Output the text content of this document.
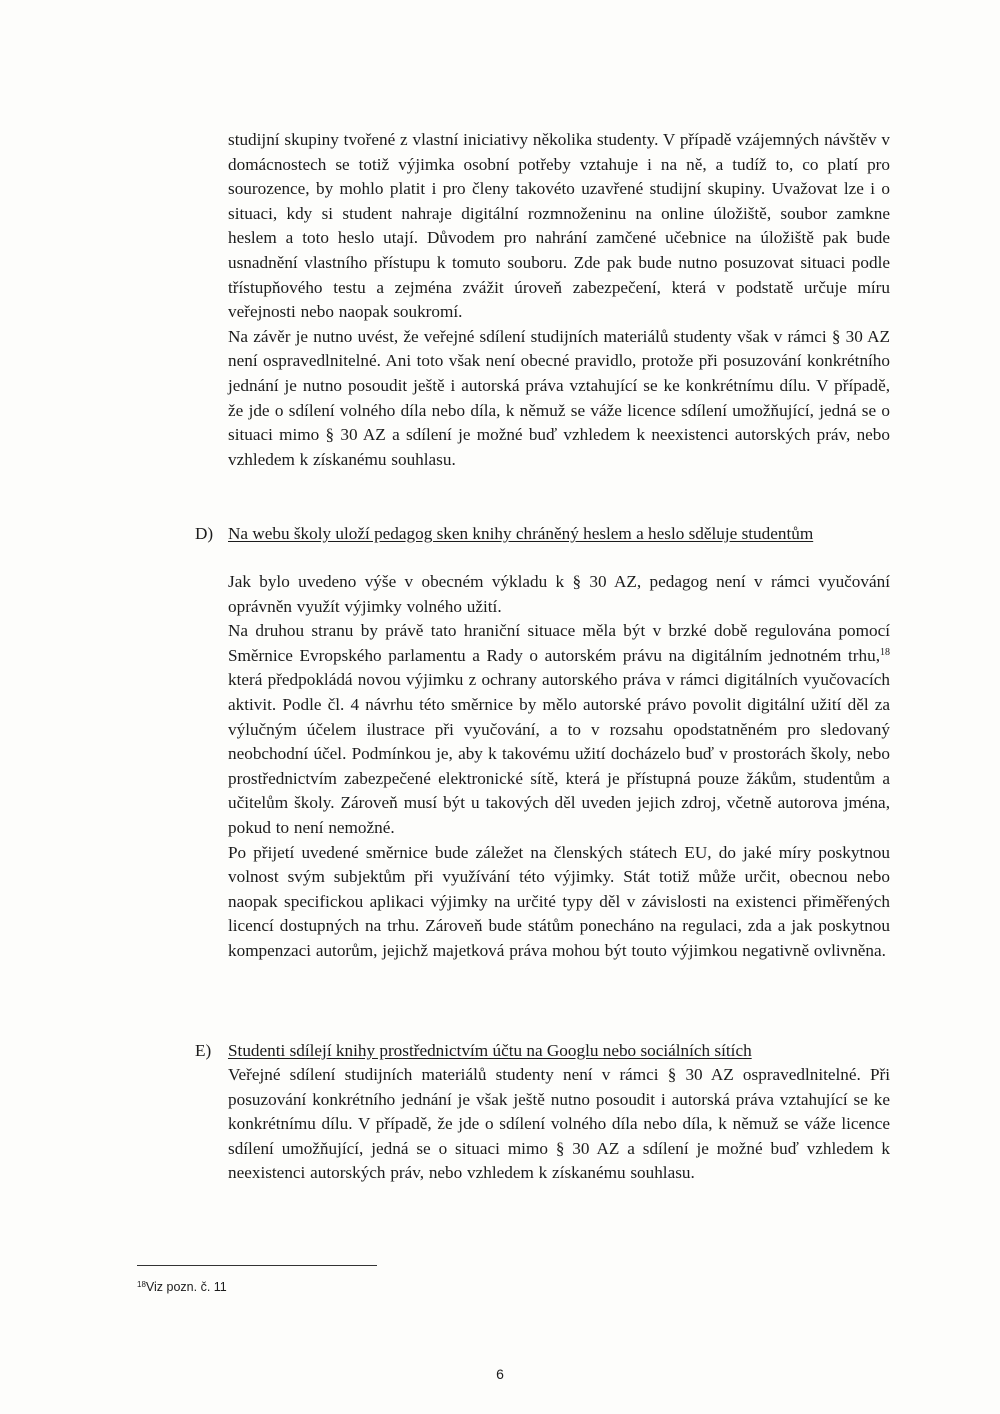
studijní skupiny tvořené z vlastní iniciativy několika studenty. V případě vzájemných návštěv v domácnostech se totiž výjimka osobní potřeby vztahuje i na ně, a tudíž to, co platí pro sourozence, by mohlo platit i pro členy takovéto uzavřené studijní skupiny. Uvažovat lze i o situaci, kdy si student nahraje digitální rozmnoženinu na online úložiště, soubor zamkne heslem a toto heslo utají. Důvodem pro nahrání zamčené učebnice na úložiště pak bude usnadnění vlastního přístupu k tomuto souboru. Zde pak bude nutno posuzovat situaci podle třístupňového testu a zejména zvážit úroveň zabezpečení, která v podstatě určuje míru veřejnosti nebo naopak soukromí.

Na závěr je nutno uvést, že veřejné sdílení studijních materiálů studenty však v rámci § 30 AZ není ospravedlnitelné. Ani toto však není obecné pravidlo, protože při posuzování konkrétního jednání je nutno posoudit ještě i autorská práva vztahující se ke konkrétnímu dílu. V případě, že jde o sdílení volného díla nebo díla, k němuž se váže licence sdílení umožňující, jedná se o situaci mimo § 30 AZ a sdílení je možné buď vzhledem k neexistenci autorských práv, nebo vzhledem k získanému souhlasu.

D) Na webu školy uloží pedagog sken knihy chráněný heslem a heslo sděluje studentům

Jak bylo uvedeno výše v obecném výkladu k § 30 AZ, pedagog není v rámci vyučování oprávněn využít výjimky volného užití.

Na druhou stranu by právě tato hraniční situace měla být v brzké době regulována pomocí Směrnice Evropského parlamentu a Rady o autorském právu na digitálním jednotném trhu,$^{18}$ která předpokládá novou výjimku z ochrany autorského práva v rámci digitálních vyučovacích aktivit. Podle čl. 4 návrhu této směrnice by mělo autorské právo povolit digitální užití děl za výlučným účelem ilustrace při vyučování, a to v rozsahu opodstatněném pro sledovaný neobchodní účel. Podmínkou je, aby k takovému užití docházelo buď v prostorách školy, nebo prostřednictvím zabezpečené elektronické sítě, která je přístupná pouze žákům, studentům a učitelům školy. Zároveň musí být u takových děl uveden jejich zdroj, včetně autorova jména, pokud to není nemožné.

Po přijetí uvedené směrnice bude záležet na členských státech EU, do jaké míry poskytnou volnost svým subjektům při využívání této výjimky. Stát totiž může určit, obecnou nebo naopak specifickou aplikaci výjimky na určité typy děl v závislosti na existenci přiměřených licencí dostupných na trhu. Zároveň bude státům ponecháno na regulaci, zda a jak poskytnou kompenzaci autorům, jejichž majetková práva mohou být touto výjimkou negativně ovlivněna.

E) Studenti sdílejí knihy prostřednictvím účtu na Googlu nebo sociálních sítích

Veřejné sdílení studijních materiálů studenty není v rámci § 30 AZ ospravedlnitelné. Při posuzování konkrétního jednání je však ještě nutno posoudit i autorská práva vztahující se ke konkrétnímu dílu. V případě, že jde o sdílení volného díla nebo díla, k němuž se váže licence sdílení umožňující, jedná se o situaci mimo § 30 AZ a sdílení je možné buď vzhledem k neexistenci autorských práv, nebo vzhledem k získanému souhlasu.

$^{18}$Viz pozn. č. 11
6
